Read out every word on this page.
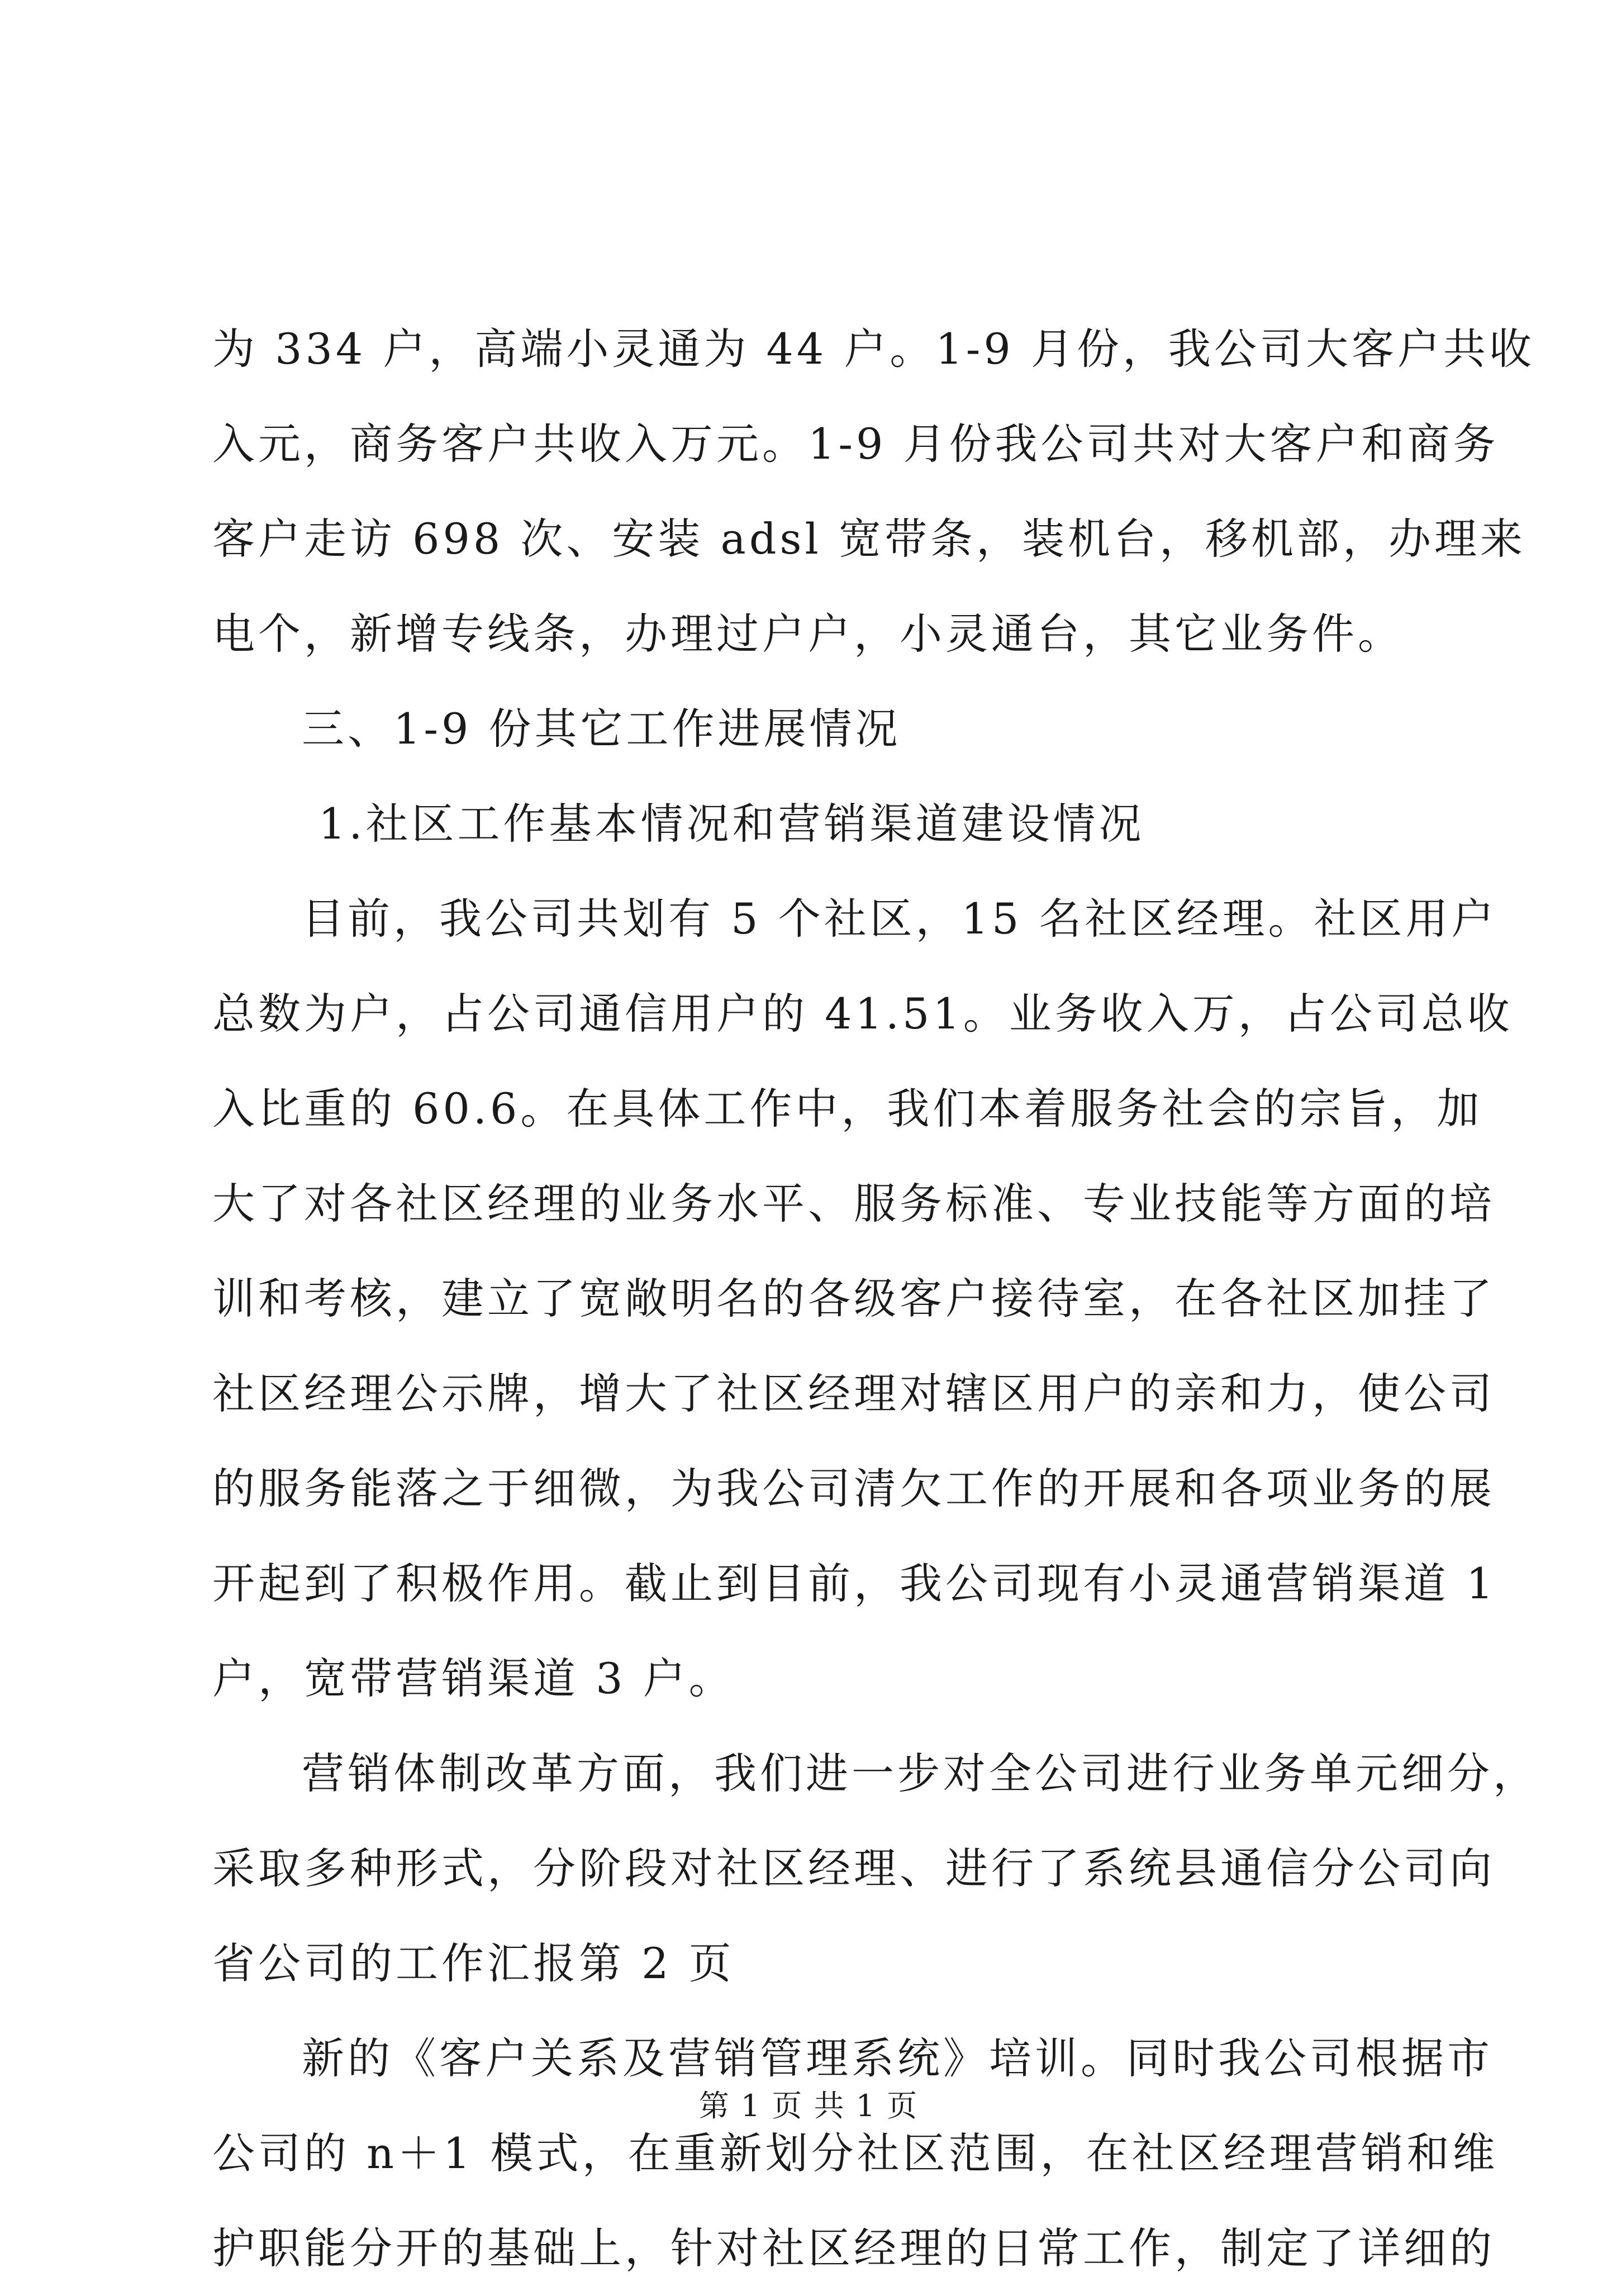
为 334 户，高端小灵通为 44 户。1-9 月份，我公司大客户共收
入元，商务客户共收入万元。1-9 月份我公司共对大客户和商务
客户走访 698 次、安装 adsl 宽带条，装机台，移机部，办理来
电个，新增专线条，办理过户户，小灵通台，其它业务件。
三、1-9 份其它工作进展情况
1.社区工作基本情况和营销渠道建设情况
目前，我公司共划有 5 个社区，15 名社区经理。社区用户
总数为户，占公司通信用户的 41.51。业务收入万，占公司总收
入比重的 60.6。在具体工作中，我们本着服务社会的宗旨，加
大了对各社区经理的业务水平、服务标准、专业技能等方面的培
训和考核，建立了宽敞明名的各级客户接待室，在各社区加挂了
社区经理公示牌，增大了社区经理对辖区用户的亲和力，使公司
的服务能落之于细微，为我公司清欠工作的开展和各项业务的展
开起到了积极作用。截止到目前，我公司现有小灵通营销渠道 1
户，宽带营销渠道 3 户。
营销体制改革方面，我们进一步对全公司进行业务单元细分，
采取多种形式，分阶段对社区经理、进行了系统县通信分公司向
省公司的工作汇报第 2 页
新的《客户关系及营销管理系统》培训。同时我公司根据市
公司的 n＋1 模式，在重新划分社区范围，在社区经理营销和维
护职能分开的基础上，针对社区经理的日常工作，制定了详细的
第 1 页 共 1 页
